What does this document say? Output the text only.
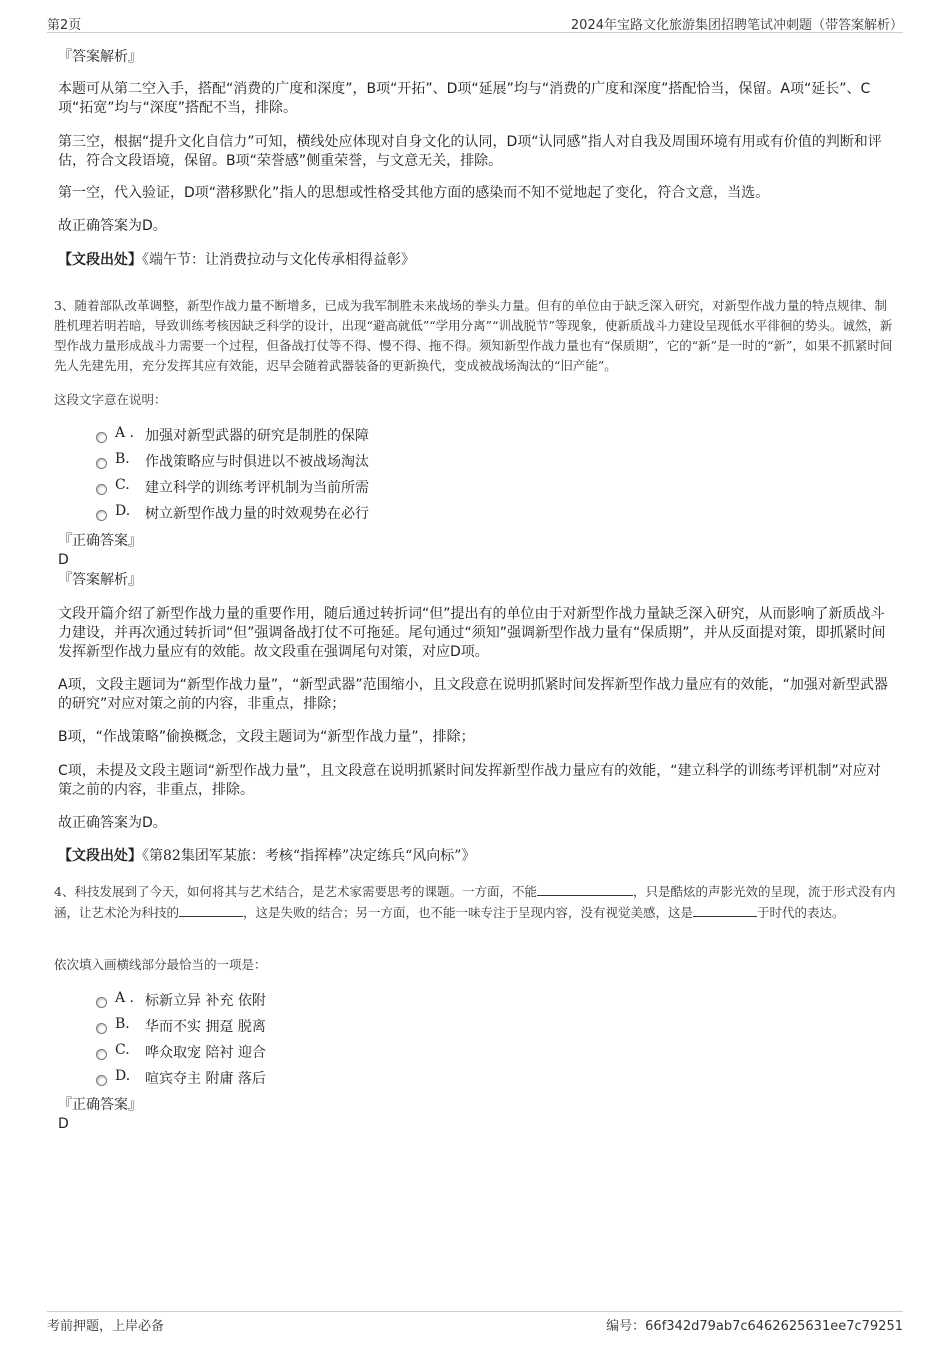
第2页	2024年宝路文化旅游集团招聘笔试冲刺题（带答案解析）
『答案解析』
本题可从第二空入手，搭配“消费的广度和深度”，B项“开拓”、D项“延展”均与“消费的广度和深度”搭配恰当，保留。A项“延长”、C项“拓宽”均与“深度”搭配不当，排除。
第三空，根据“提升文化自信力”可知，横线处应体现对自身文化的认同，D项“认同感”指人对自我及周围环境有用或有价值的判断和评估，符合文段语境，保留。B项“荣誉感”侧重荣誉，与文意无关，排除。
第一空，代入验证，D项“潜移默化”指人的思想或性格受其他方面的感染而不知不觉地起了变化，符合文意，当选。
故正确答案为D。
【文段出处】《端午节：让消费拉动与文化传承相得益彰》
3、随着部队改革调整，新型作战力量不断增多，已成为我军制胜未来战场的拳头力量。但有的单位由于缺乏深入研究，对新型作战力量的特点规律、制胜机理若明若暗，导致训练考核因缺乏科学的设计，出现“避高就低”“学用分离”“训战脱节”等现象，使新质战斗力建设呈现低水平徘徊的势头。诚然，新型作战力量形成战斗力需要一个过程，但备战打仗等不得、慢不得、拖不得。须知新型作战力量也有“保质期”，它的“新”是一时的“新”，如果不抓紧时间先人先建先用，充分发挥其应有效能，迟早会随着武器装备的更新换代，变成被战场淘汰的“旧产能”。
这段文字意在说明：
A . 加强对新型武器的研究是制胜的保障
B.	作战策略应与时俱进以不被战场淘汰
C.	建立科学的训练考评机制为当前所需
D.	树立新型作战力量的时效观势在必行
『正确答案』
D
『答案解析』
文段开篇介绍了新型作战力量的重要作用，随后通过转折词“但”提出有的单位由于对新型作战力量缺乏深入研究，从而影响了新质战斗力建设，并再次通过转折词“但”强调备战打仗不可拖延。尾句通过“须知”强调新型作战力量有“保质期”，并从反面提对策，即抓紧时间发挥新型作战力量应有的效能。故文段重在强调尾句对策，对应D项。
A项，文段主题词为“新型作战力量”，“新型武器”范围缩小，且文段意在说明抓紧时间发挥新型作战力量应有的效能，“加强对新型武器的研究”对应对策之前的内容，非重点，排除；
B项，“作战策略”偷换概念，文段主题词为“新型作战力量”，排除；
C项，未提及文段主题词“新型作战力量”，且文段意在说明抓紧时间发挥新型作战力量应有的效能，“建立科学的训练考评机制”对应对策之前的内容，非重点，排除。
故正确答案为D。
【文段出处】《第82集团军某旅：考核“指挥棒”决定练兵“风向标”》
4、科技发展到了今天，如何将其与艺术结合，是艺术家需要思考的课题。一方面，不能	，只是酷炫的声影光效的呈现，流于形式没有内涵，让艺术沦为科技的	，这是失败的结合；另一方面，也不能一味专注于呈现内容，没有视觉美感，这是	于时代的表达。
依次填入画横线部分最恰当的一项是：
A . 标新立异 补充 依附
B.	华而不实 拥趸 脱离
C.	哗众取宠 陪衬 迎合
D.	喧宾夺主 附庸 落后
『正确答案』
D
考前押题，上岸必备	编号：66f342d79ab7c6462625631ee7c79251
